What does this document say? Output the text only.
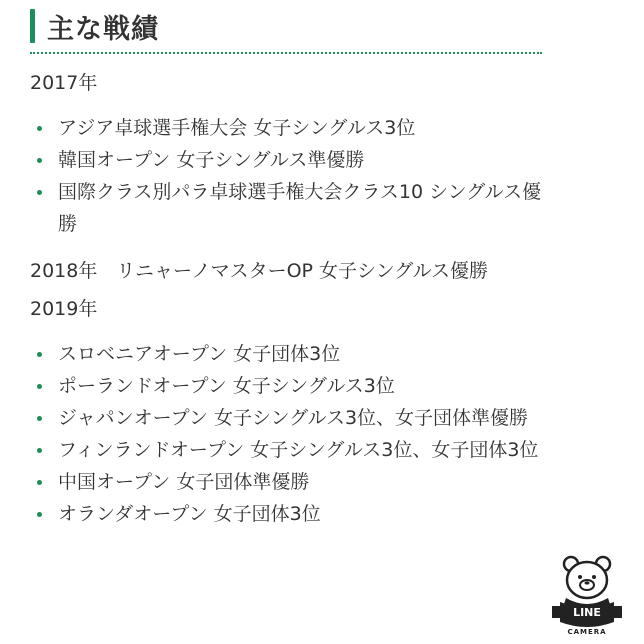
主な戦績
2017年
アジア卓球選手権大会 女子シングルス3位
韓国オープン 女子シングルス準優勝
国際クラス別パラ卓球選手権大会クラス10 シングルス優勝
2018年　リニャーノマスターOP 女子シングルス優勝
2019年
スロベニアオープン 女子団体3位
ポーランドオープン 女子シングルス3位
ジャパンオープン 女子シングルス3位、女子団体準優勝
フィンランドオープン 女子シングルス3位、女子団体3位
中国オープン 女子団体準優勝
オランダオープン 女子団体3位
LINE
CAMERA
